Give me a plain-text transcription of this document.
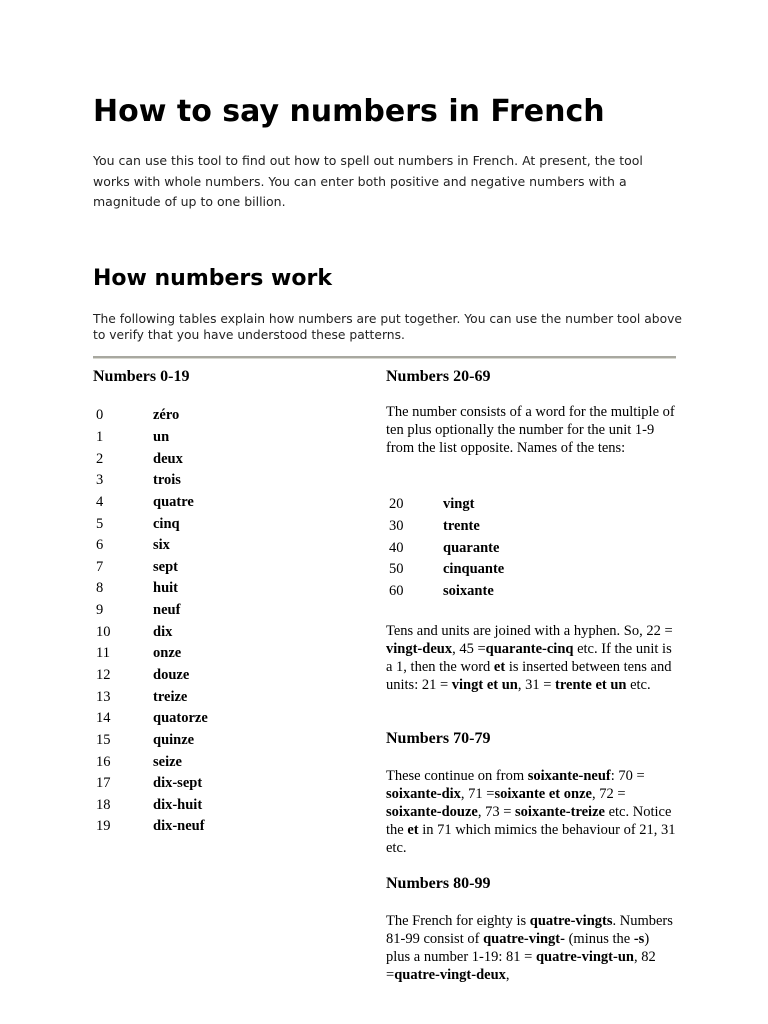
How to say numbers in French

You can use this tool to find out how to spell out numbers in French. At present, the tool works with whole numbers. You can enter both positive and negative numbers with a magnitude of up to one billion.

How numbers work

The following tables explain how numbers are put together. You can use the number tool above to verify that you have understood these patterns.

Numbers 0-19
0	zéro
1	un
2	deux
3	trois
4	quatre
5	cinq
6	six
7	sept
8	huit
9	neuf
10	dix
11	onze
12	douze
13	treize
14	quatorze
15	quinze
16	seize
17	dix-sept
18	dix-huit
19	dix-neuf
Numbers 20-69

The number consists of a word for the multiple of ten plus optionally the number for the unit 1-9 from the list opposite. Names of the tens:

20	vingt
30	trente
40	quarante
50	cinquante
60	soixante

Tens and units are joined with a hyphen. So, 22 = vingt-deux, 45 =quarante-cinq etc. If the unit is a 1, then the word et is inserted between tens and units: 21 = vingt et un, 31 = trente et un etc.

Numbers 70-79

These continue on from soixante-neuf: 70 = soixante-dix, 71 =soixante et onze, 72 = soixante-douze, 73 = soixante-treize etc. Notice the et in 71 which mimics the behaviour of 21, 31 etc.

Numbers 80-99

The French for eighty is quatre-vingts. Numbers 81-99 consist of quatre-vingt- (minus the -s) plus a number 1-19: 81 = quatre-vingt-un, 82 =quatre-vingt-deux,
